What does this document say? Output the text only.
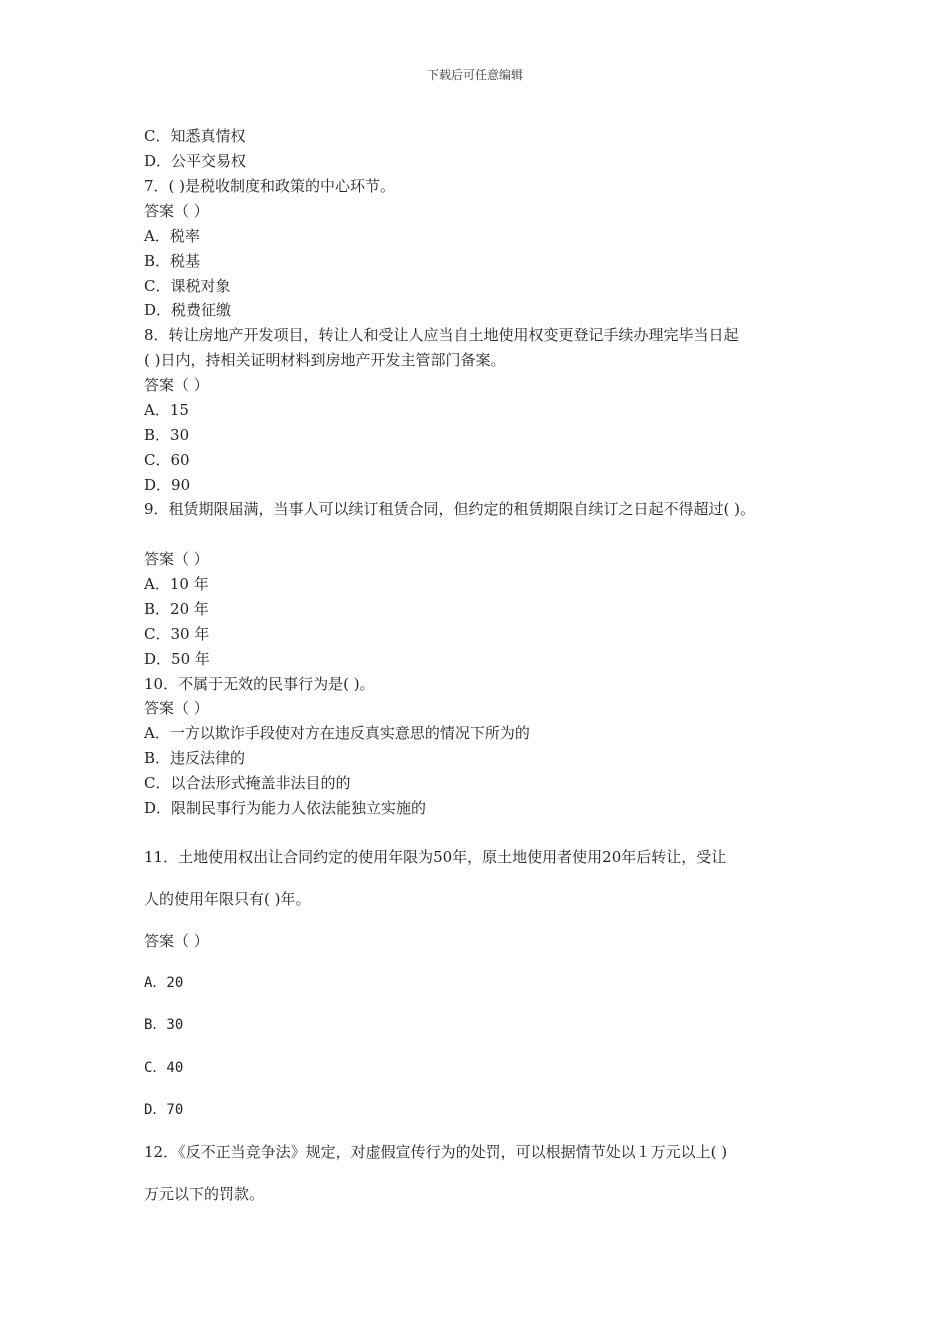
下载后可任意编辑
C．知悉真情权
D．公平交易权
7．( )是税收制度和政策的中心环节。
答案（ ）
A．税率
B．税基
C．课税对象
D．税费征缴
8．转让房地产开发项目，转让人和受让人应当自土地使用权变更登记手续办理完毕当日起
( )日内，持相关证明材料到房地产开发主管部门备案。
答案（ ）
A．15
B．30
C．60
D．90
9．租赁期限届满，当事人可以续订租赁合同，但约定的租赁期限自续订之日起不得超过( )。
答案（ ）
A．10 年
B．20 年
C．30 年
D．50 年
10．不属于无效的民事行为是( )。
答案（ ）
A．一方以欺诈手段使对方在违反真实意思的情况下所为的
B．违反法律的
C．以合法形式掩盖非法目的的
D．限制民事行为能力人依法能独立实施的
11．土地使用权出让合同约定的使用年限为50年，原土地使用者使用20年后转让，受让
人的使用年限只有( )年。
答案（ ）
A．20
B．30
C．40
D．70
12．《反不正当竞争法》规定，对虚假宣传行为的处罚，可以根据情节处以１万元以上( )
万元以下的罚款。
